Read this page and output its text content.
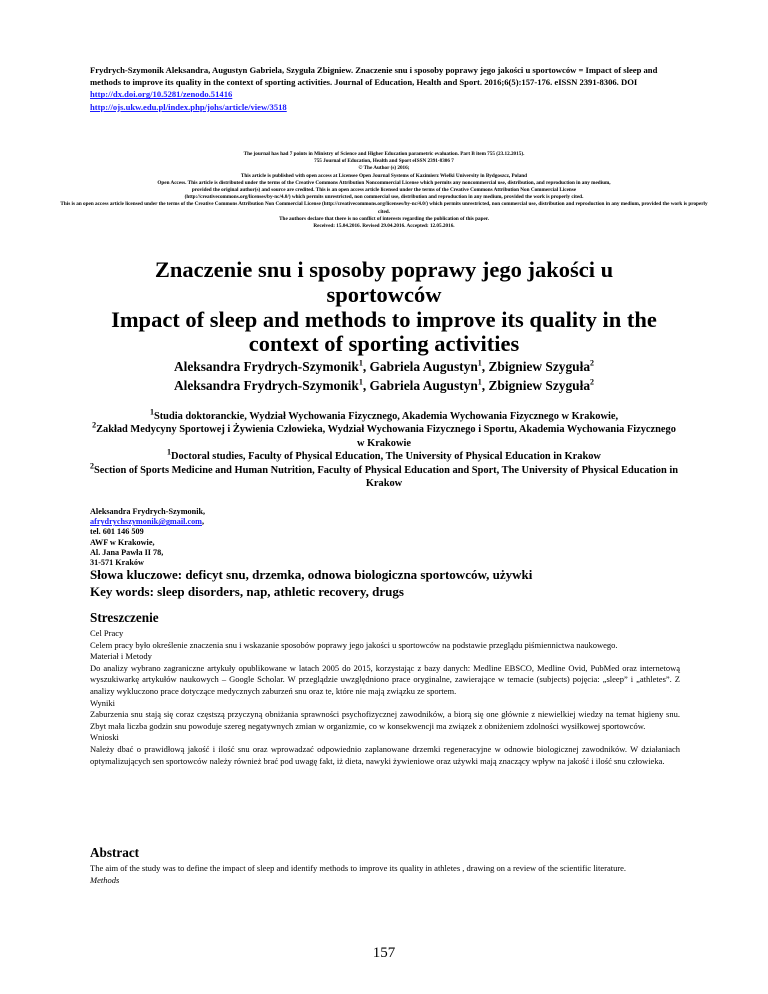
Frydrych-Szymonik Aleksandra, Augustyn Gabriela, Szyguła Zbigniew. Znaczenie snu i sposoby poprawy jego jakości u sportowców = Impact of sleep and methods to improve its quality in the context of sporting activities. Journal of Education, Health and Sport. 2016;6(5):157-176. eISSN 2391-8306. DOI http://dx.doi.org/10.5281/zenodo.51416
http://ojs.ukw.edu.pl/index.php/johs/article/view/3518
The journal has had 7 points in Ministry of Science and Higher Education parametric evaluation. Part B item 755 (23.12.2015).
755 Journal of Education, Health and Sport eISSN 2391-8306 7
© The Author (s) 2016;
This article is published with open access at Licensee Open Journal Systems of Kazimierz Wielki University in Bydgoszcz, Poland
Open Access. This article is distributed under the terms of the Creative Commons Attribution Noncommercial License which permits any noncommercial use, distribution, and reproduction in any medium,
provided the original author(s) and source are credited. This is an open access article licensed under the terms of the Creative Commons Attribution Non Commercial License
(http://creativecommons.org/licenses/by-nc/4.0/) which permits unrestricted, non commercial use, distribution and reproduction in any medium, provided the work is properly cited.
This is an open access article licensed under the terms of the Creative Commons Attribution Non Commercial License (http://creativecommons.org/licenses/by-nc/4.0/) which permits unrestricted, non commercial use, distribution and reproduction in any medium, provided the work is properly cited.
The authors declare that there is no conflict of interests regarding the publication of this paper.
Received: 15.04.2016. Revised 29.04.2016. Accepted: 12.05.2016.
Znaczenie snu i sposoby poprawy jego jakości u sportowców
Impact of sleep and methods to improve its quality in the context of sporting activities
Aleksandra Frydrych-Szymonik$^1$, Gabriela Augustyn$^1$, Zbigniew Szyguła$^2$
Aleksandra Frydrych-Szymonik$^1$, Gabriela Augustyn$^1$, Zbigniew Szyguła$^2$
$^1$Studia doktoranckie, Wydział Wychowania Fizycznego, Akademia Wychowania Fizycznego w Krakowie,
$^2$Zakład Medycyny Sportowej i Żywienia Człowieka, Wydział Wychowania Fizycznego i Sportu, Akademia Wychowania Fizycznego w Krakowie
$^1$Doctoral studies, Faculty of Physical Education, The University of Physical Education in Krakow
$^2$Section of Sports Medicine and Human Nutrition, Faculty of Physical Education and Sport, The University of Physical Education in Krakow
Aleksandra Frydrych-Szymonik,
afrydrychszymonik@gmail.com,
tel. 601 146 509
AWF w Krakowie,
Al. Jana Pawła II 78,
31-571 Kraków
Słowa kluczowe: deficyt snu, drzemka, odnowa biologiczna sportowców, używki
Key words: sleep disorders, nap, athletic recovery, drugs
Streszczenie
Cel Pracy
Celem pracy było określenie znaczenia snu i wskazanie sposobów poprawy jego jakości u sportowców na podstawie przeglądu piśmiennictwa naukowego.
Materiał i Metody
Do analizy wybrano zagraniczne artykuły opublikowane w latach 2005 do 2015, korzystając z bazy danych: Medline EBSCO, Medline Ovid, PubMed oraz internetową wyszukiwarkę artykułów naukowych – Google Scholar. W przeglądzie uwzględniono prace oryginalne, zawierające w temacie (subjects) pojęcia: „sleep” i „athletes”. Z analizy wykluczono prace dotyczące medycznych zaburzeń snu oraz te, które nie mają związku ze sportem.
Wyniki
Zaburzenia snu stają się coraz częstszą przyczyną obniżania sprawności psychofizycznej zawodników, a biorą się one głównie z niewielkiej wiedzy na temat higieny snu. Zbyt mała liczba godzin snu powoduje szereg negatywnych zmian w organizmie, co w konsekwencji ma związek z obniżeniem zdolności wysiłkowej sportowców.
Wnioski
Należy dbać o prawidłową jakość i ilość snu oraz wprowadzać odpowiednio zaplanowane drzemki regeneracyjne w odnowie biologicznej zawodników. W działaniach optymalizujących sen sportowców należy również brać pod uwagę fakt, iż dieta, nawyki żywieniowe oraz używki mają znaczący wpływ na jakość i ilość snu człowieka.
Abstract
The aim of the study was to define the impact of sleep and identify methods to improve its quality in athletes , drawing on a review of the scientific literature.
Methods
157
